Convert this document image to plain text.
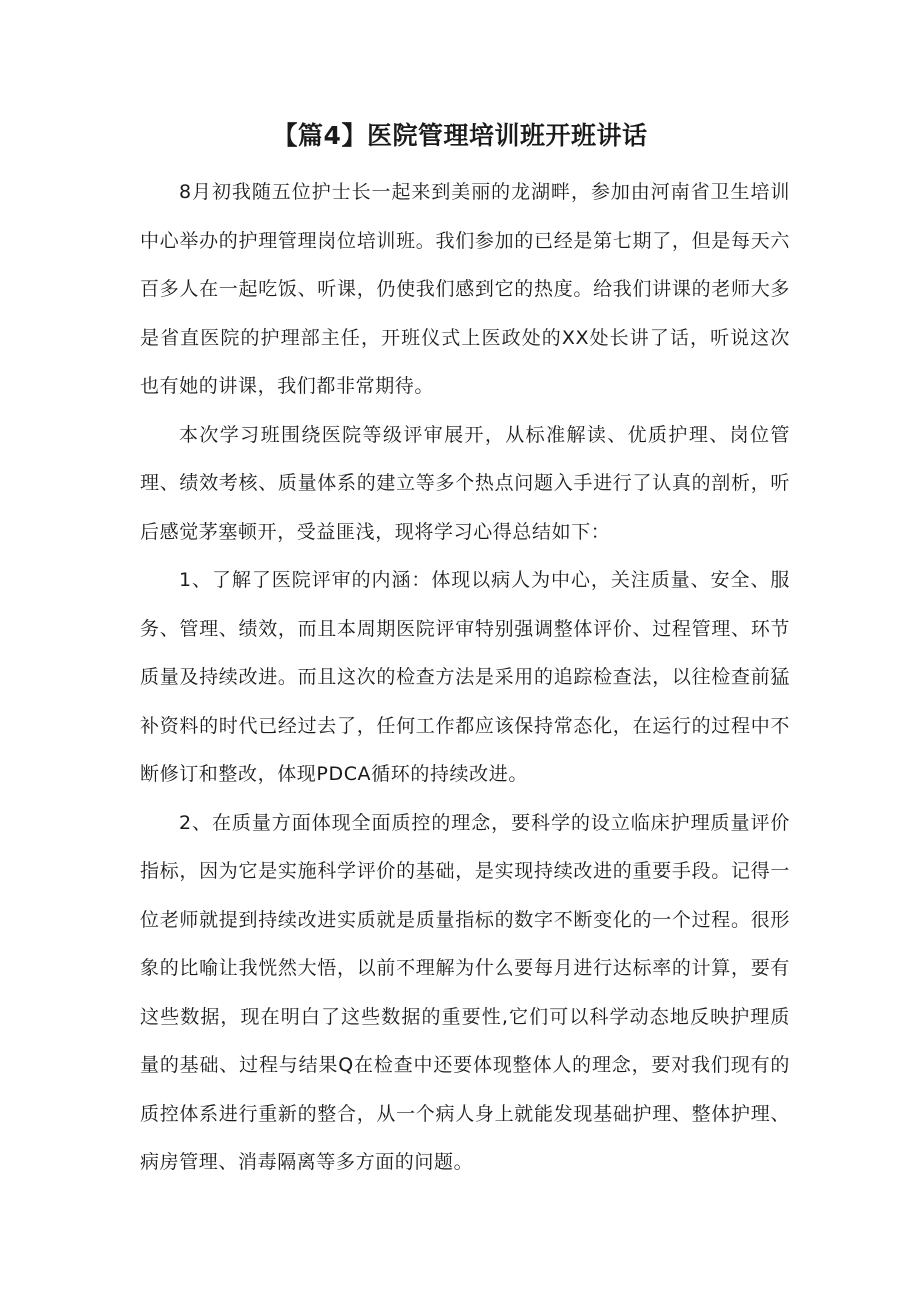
【篇4】医院管理培训班开班讲话

8月初我随五位护士长一起来到美丽的龙湖畔，参加由河南省卫生培训中心举办的护理管理岗位培训班。我们参加的已经是第七期了，但是每天六百多人在一起吃饭、听课，仍使我们感到它的热度。给我们讲课的老师大多是省直医院的护理部主任，开班仪式上医政处的XX处长讲了话，听说这次也有她的讲课，我们都非常期待。

本次学习班围绕医院等级评审展开，从标准解读、优质护理、岗位管理、绩效考核、质量体系的建立等多个热点问题入手进行了认真的剖析，听后感觉茅塞顿开，受益匪浅，现将学习心得总结如下：

1、了解了医院评审的内涵：体现以病人为中心，关注质量、安全、服务、管理、绩效，而且本周期医院评审特别强调整体评价、过程管理、环节质量及持续改进。而且这次的检查方法是采用的追踪检查法，以往检查前猛补资料的时代已经过去了，任何工作都应该保持常态化，在运行的过程中不断修订和整改，体现PDCA循环的持续改进。

2、在质量方面体现全面质控的理念，要科学的设立临床护理质量评价指标，因为它是实施科学评价的基础，是实现持续改进的重要手段。记得一位老师就提到持续改进实质就是质量指标的数字不断变化的一个过程。很形象的比喻让我恍然大悟，以前不理解为什么要每月进行达标率的计算，要有这些数据，现在明白了这些数据的重要性,它们可以科学动态地反映护理质量的基础、过程与结果Q在检查中还要体现整体人的理念，要对我们现有的质控体系进行重新的整合，从一个病人身上就能发现基础护理、整体护理、病房管理、消毒隔离等多方面的问题。
